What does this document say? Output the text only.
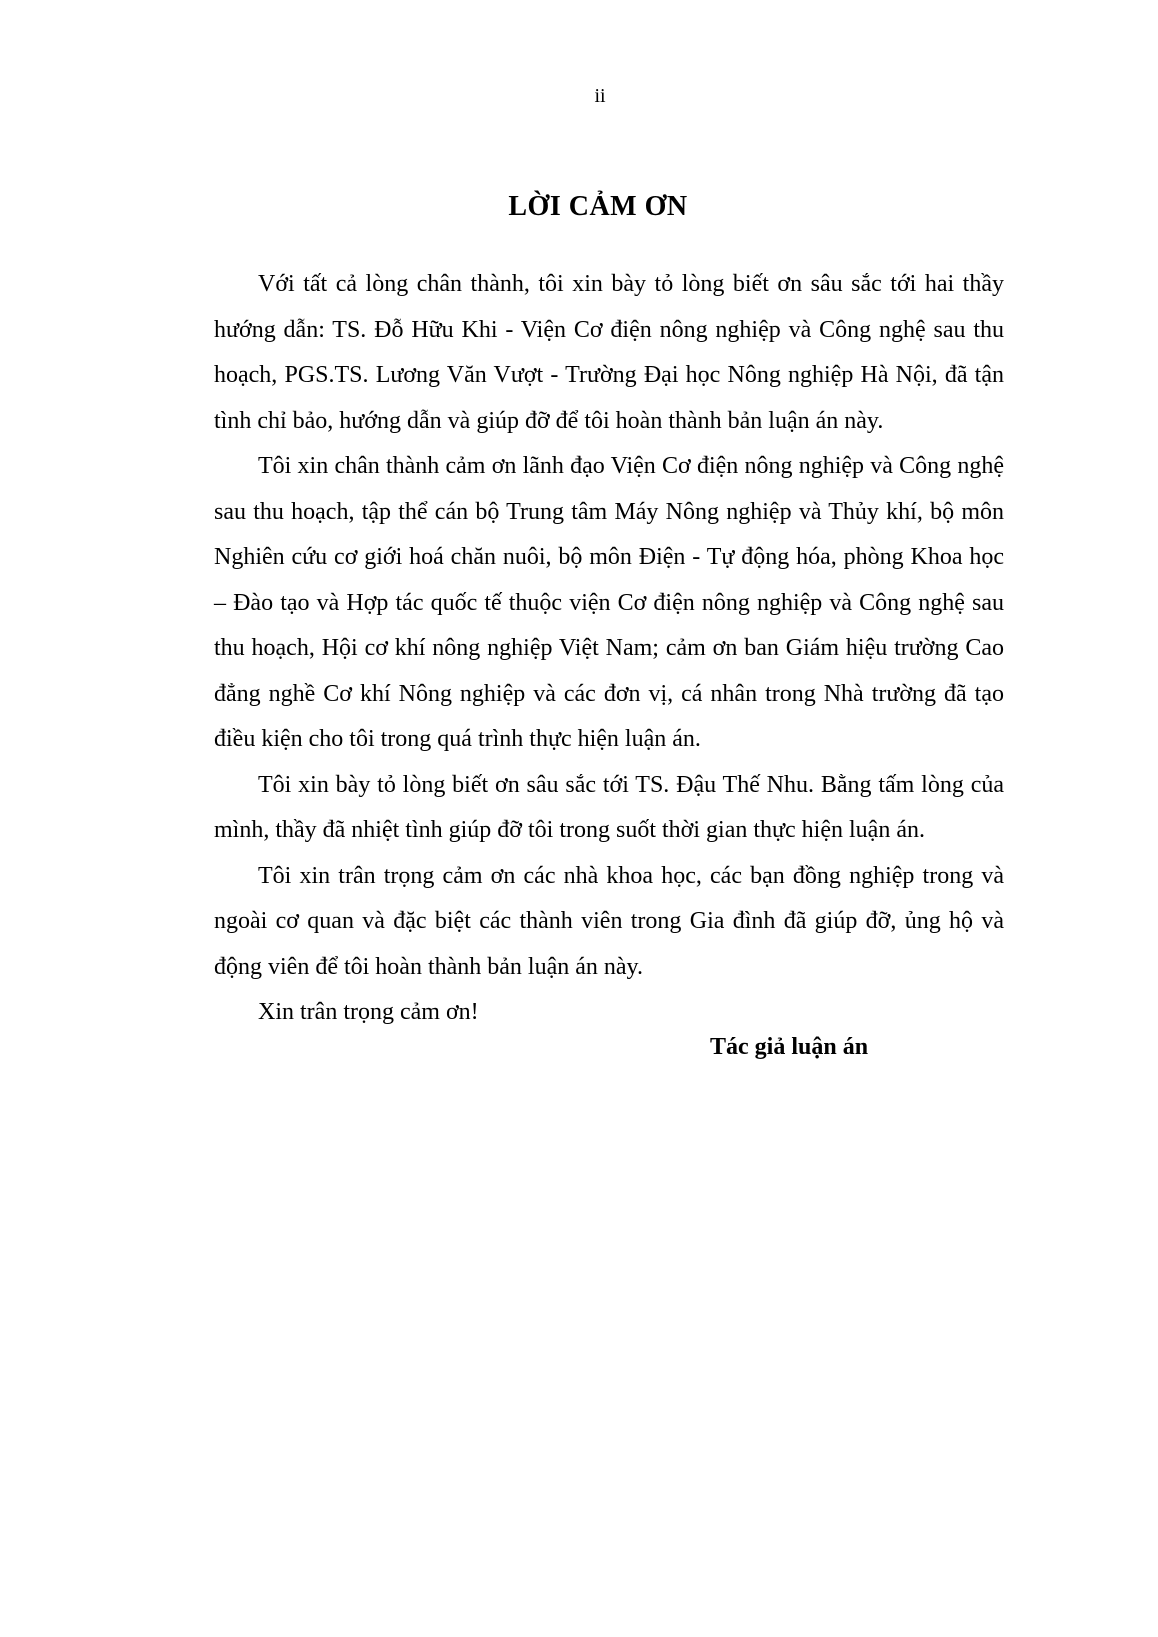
ii
LỜI CẢM ƠN

Với tất cả lòng chân thành, tôi xin bày tỏ lòng biết ơn sâu sắc tới hai thầy hướng dẫn: TS. Đỗ Hữu Khi - Viện Cơ điện nông nghiệp và Công nghệ sau thu hoạch, PGS.TS. Lương Văn Vượt - Trường Đại học Nông nghiệp Hà Nội, đã tận tình chỉ bảo, hướng dẫn và giúp đỡ để tôi hoàn thành bản luận án này.

Tôi xin chân thành cảm ơn lãnh đạo Viện Cơ điện nông nghiệp và Công nghệ sau thu hoạch, tập thể cán bộ Trung tâm Máy Nông nghiệp và Thủy khí, bộ môn Nghiên cứu cơ giới hoá chăn nuôi, bộ môn Điện - Tự động hóa, phòng Khoa học – Đào tạo và Hợp tác quốc tế thuộc viện Cơ điện nông nghiệp và Công nghệ sau thu hoạch, Hội cơ khí nông nghiệp Việt Nam; cảm ơn ban Giám hiệu trường Cao đẳng nghề Cơ khí Nông nghiệp và các đơn vị, cá nhân trong Nhà trường đã tạo điều kiện cho tôi trong quá trình thực hiện luận án.

Tôi xin bày tỏ lòng biết ơn sâu sắc tới TS. Đậu Thế Nhu. Bằng tấm lòng của mình, thầy đã nhiệt tình giúp đỡ tôi trong suốt thời gian thực hiện luận án.

Tôi xin trân trọng cảm ơn các nhà khoa học, các bạn đồng nghiệp trong và ngoài cơ quan và đặc biệt các thành viên trong Gia đình đã giúp đỡ, ủng hộ và động viên để tôi hoàn thành bản luận án này.

Xin trân trọng cảm ơn!

Tác giả luận án
